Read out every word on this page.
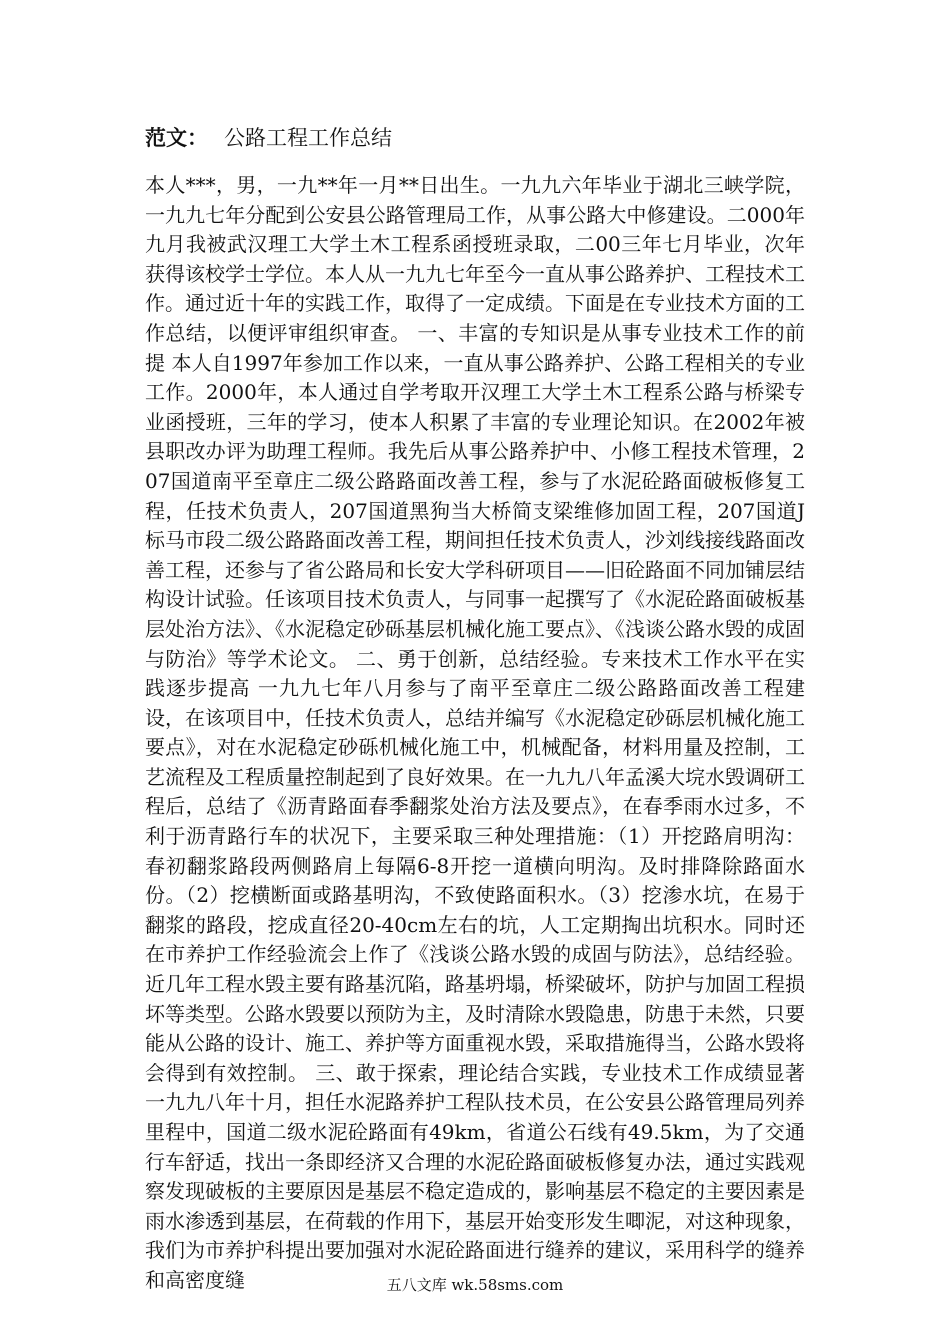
范文： 公路工程工作总结
本人***，男，一九**年一月**日出生。一九九六年毕业于湖北三峡学院，一九九七年分配到公安县公路管理局工作，从事公路大中修建设。二000年九月我被武汉理工大学土木工程系函授班录取，二00三年七月毕业，次年获得该校学士学位。本人从一九九七年至今一直从事公路养护、工程技术工作。通过近十年的实践工作，取得了一定成绩。下面是在专业技术方面的工作总结，以便评审组织审查。 一、丰富的专知识是从事专业技术工作的前提 本人自1997年参加工作以来，一直从事公路养护、公路工程相关的专业工作。2000年，本人通过自学考取开汉理工大学土木工程系公路与桥梁专业函授班，三年的学习，使本人积累了丰富的专业理论知识。在2002年被县职改办评为助理工程师。我先后从事公路养护中、小修工程技术管理，207国道南平至章庄二级公路路面改善工程，参与了水泥砼路面破板修复工程，任技术负责人，207国道黑狗当大桥简支梁维修加固工程，207国道J标马市段二级公路路面改善工程，期间担任技术负责人，沙刘线接线路面改善工程，还参与了省公路局和长安大学科研项目——旧砼路面不同加铺层结构设计试验。任该项目技术负责人，与同事一起撰写了《水泥砼路面破板基层处治方法》、《水泥稳定砂砾基层机械化施工要点》、《浅谈公路水毁的成固与防治》等学术论文。 二、勇于创新，总结经验。专来技术工作水平在实践逐步提高 一九九七年八月参与了南平至章庄二级公路路面改善工程建设，在该项目中，任技术负责人，总结并编写《水泥稳定砂砾层机械化施工要点》，对在水泥稳定砂砾机械化施工中，机械配备，材料用量及控制，工艺流程及工程质量控制起到了良好效果。在一九九八年孟溪大垸水毁调研工程后，总结了《沥青路面春季翻浆处治方法及要点》，在春季雨水过多，不利于沥青路行车的状况下，主要采取三种处理措施：（1）开挖路肩明沟：春初翻浆路段两侧路肩上每隔6-8开挖一道横向明沟。及时排降除路面水份。（2）挖横断面或路基明沟，不致使路面积水。（3）挖渗水坑，在易于翻浆的路段，挖成直径20-40cm左右的坑，人工定期掏出坑积水。同时还在市养护工作经验流会上作了《浅谈公路水毁的成固与防法》，总结经验。近几年工程水毁主要有路基沉陷，路基坍塌，桥梁破坏，防护与加固工程损坏等类型。公路水毁要以预防为主，及时清除水毁隐患，防患于未然，只要能从公路的设计、施工、养护等方面重视水毁，采取措施得当，公路水毁将会得到有效控制。 三、敢于探索，理论结合实践，专业技术工作成绩显著 一九九八年十月，担任水泥路养护工程队技术员，在公安县公路管理局列养里程中，国道二级水泥砼路面有49km，省道公石线有49.5km，为了交通行车舒适，找出一条即经济又合理的水泥砼路面破板修复办法，通过实践观察发现破板的主要原因是基层不稳定造成的，影响基层不稳定的主要因素是雨水渗透到基层，在荷载的作用下，基层开始变形发生唧泥，对这种现象，我们为市养护科提出要加强对水泥砼路面进行缝养的建议，采用科学的缝养和高密度缝	五八文库 wk.58sms.com
